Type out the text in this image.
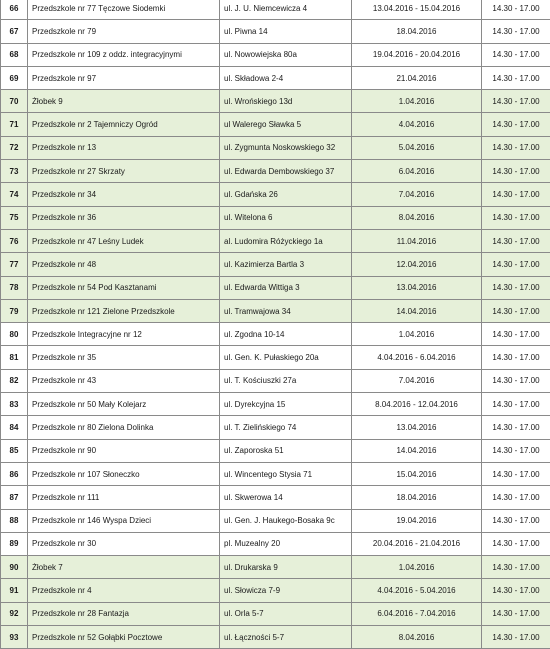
66	Przedszkole nr 77 Tęczowe Siodemki	ul. J. U. Niemcewicza 4	13.04.2016 - 15.04.2016	14.30 - 17.00
67	Przedszkole nr 79	ul. Piwna 14	18.04.2016	14.30 - 17.00
68	Przedszkole nr 109 z oddz. integracyjnymi	ul. Nowowiejska 80a	19.04.2016 - 20.04.2016	14.30 - 17.00
69	Przedszkole nr 97	ul. Składowa 2-4	21.04.2016	14.30 - 17.00
70	Żłobek 9	ul. Wrońskiego 13d	1.04.2016	14.30 - 17.00
71	Przedszkole nr 2 Tajemniczy Ogród	ul Walerego Sławka 5	4.04.2016	14.30 - 17.00
72	Przedszkole nr 13	ul. Zygmunta Noskowskiego 32	5.04.2016	14.30 - 17.00
73	Przedszkole nr 27 Skrzaty	ul. Edwarda Dembowskiego 37	6.04.2016	14.30 - 17.00
74	Przedszkole nr 34	ul. Gdańska 26	7.04.2016	14.30 - 17.00
75	Przedszkole nr 36	ul. Witelona 6	8.04.2016	14.30 - 17.00
76	Przedszkole nr 47 Leśny Ludek	al. Ludomira Różyckiego 1a	11.04.2016	14.30 - 17.00
77	Przedszkole nr 48	ul. Kazimierza Bartla 3	12.04.2016	14.30 - 17.00
78	Przedszkole nr 54 Pod Kasztanami	ul. Edwarda Wittiga 3	13.04.2016	14.30 - 17.00
79	Przedszkole nr 121 Zielone Przedszkole	ul. Tramwajowa 34	14.04.2016	14.30 - 17.00
80	Przedszkole Integracyjne nr 12	ul. Zgodna 10-14	1.04.2016	14.30 - 17.00
81	Przedszkole nr 35	ul. Gen. K. Pułaskiego 20a	4.04.2016 - 6.04.2016	14.30 - 17.00
82	Przedszkole nr 43	ul. T. Kościuszki 27a	7.04.2016	14.30 - 17.00
83	Przedszkole nr 50 Mały Kolejarz	ul. Dyrekcyjna 15	8.04.2016 - 12.04.2016	14.30 - 17.00
84	Przedszkole nr 80 Zielona Dolinka	ul. T. Zielińskiego 74	13.04.2016	14.30 - 17.00
85	Przedszkole nr 90	ul. Zaporoska 51	14.04.2016	14.30 - 17.00
86	Przedszkole nr 107 Słoneczko	ul. Wincentego Stysia 71	15.04.2016	14.30 - 17.00
87	Przedszkole nr 111	ul. Skwerowa 14	18.04.2016	14.30 - 17.00
88	Przedszkole nr 146 Wyspa Dzieci	ul. Gen. J. Haukego-Bosaka 9c	19.04.2016	14.30 - 17.00
89	Przedszkole nr 30	pl. Muzealny 20	20.04.2016 - 21.04.2016	14.30 - 17.00
90	Żłobek 7	ul. Drukarska 9	1.04.2016	14.30 - 17.00
91	Przedszkole nr 4	ul. Słowicza 7-9	4.04.2016 - 5.04.2016	14.30 - 17.00
92	Przedszkole nr 28 Fantazja	ul. Orla 5-7	6.04.2016 - 7.04.2016	14.30 - 17.00
93	Przedszkole nr 52 Gołąbki Pocztowe	ul. Łączności 5-7	8.04.2016	14.30 - 17.00
